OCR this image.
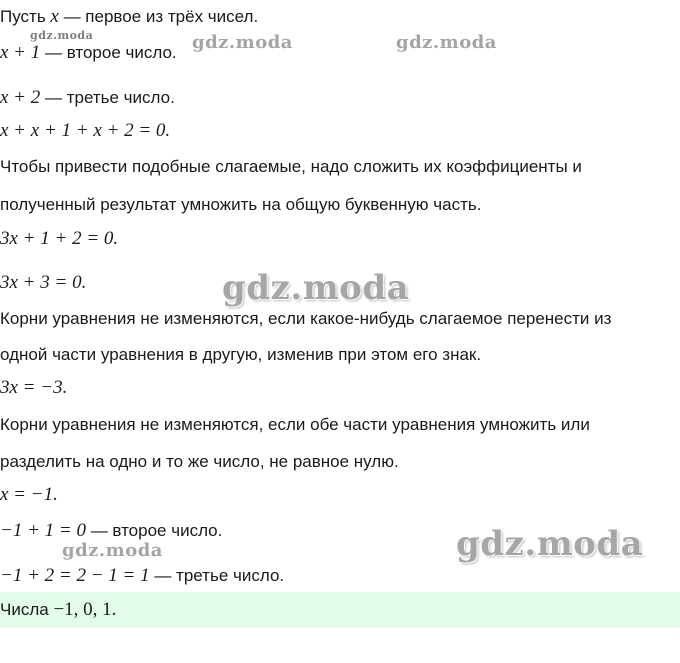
Пусть x — первое из трёх чисел.
x + 1 — второе число.
x + 2 — третье число.
x + x + 1 + x + 2 = 0.
Чтобы привести подобные слагаемые, надо сложить их коэффициенты и
полученный результат умножить на общую буквенную часть.
3x + 1 + 2 = 0.
3x + 3 = 0.
Корни уравнения не изменяются, если какое-нибудь слагаемое перенести из
одной части уравнения в другую, изменив при этом его знак.
3x = −3.
Корни уравнения не изменяются, если обе части уравнения умножить или
разделить на одно и то же число, не равное нулю.
x = −1.
−1 + 1 = 0 — второе число.
−1 + 2 = 2 − 1 = 1 — третье число.
Числа −1, 0, 1.
gdz.moda	gdz.moda	gdz.moda
gdz.moda
gdz.moda
gdz.moda
